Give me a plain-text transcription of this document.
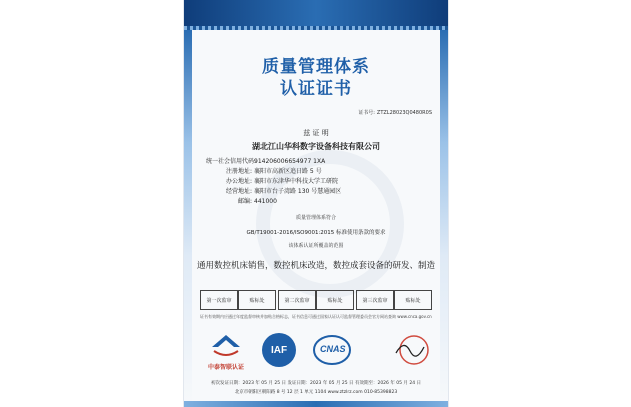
质量管理体系
认证证书
证书号: ZTZL28023Q0480R0S
兹 证 明
湖北江山华科数字设备科技有限公司
统一社会信用代码:914206006654977 1XA
注册地址: 襄阳市高新区追日路 5 号
办公地址: 襄阳市东津华中科技大学工研院
经营地址: 襄阳市台子湾路 130 号慧通园区
邮编: 441000
质量管理体系符合
GB/T19001-2016/ISO9001:2015 标准使用条款的要求
该体系认证所覆盖的范围
通用数控机床销售，数控机床改造，数控成套设备的研发、制造
第一次监审	贴标处	第二次监审	贴标处	第三次监审	贴标处
证书有效期内应通过年度监督审核并加贴合格标志，证书信息可通过国家认证认可监督管理委员会官方网站查询 www.cnca.gov.cn
中泰智联认证
IAF	CNAS
初次发证日期：2023 年 05 月 25 日 发证日期：2023 年 05 月 25 日 有效期至：2026 年 05 月 24 日
北京市朝阳区朝阳路 8 号 12 层 1 单元 1104 www.ztzlrz.com 010-85398823
